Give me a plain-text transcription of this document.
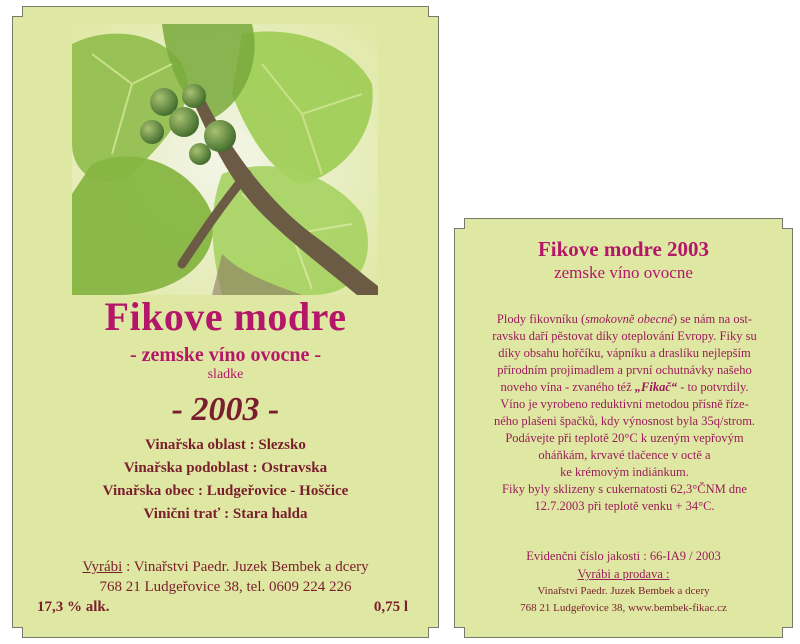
Fikove modre
- zemske víno ovocne -
sladke
- 2003 -
Vinařska oblast : Slezsko
Vinařska podoblast : Ostravska
Vinařska obec : Ludgeřovice - Hoščice
Vinični trať : Stara halda
Vyrábi : Vinařstvi Paedr. Juzek Bembek a dcery
768 21 Ludgeřovice 38, tel. 0609 224 226
17,3 % alk.	0,75 l
Fikove modre 2003
zemske víno ovocne
Plody fikovníku (smokovně obecné) se nám na ost-
ravsku daří pěstovat díky oteplování Evropy. Fiky su
díky obsahu hořčíku, vápníku a draslíku nejlepším
přírodním projimadlem a první ochutnávky našeho
noveho vína - zvaného též „Fikač“ - to potvrdily.
Víno je vyrobeno reduktivni metodou přísně říze-
ného plašeni špačků, kdy výnosnost byla 35q/strom.
Podávejte při teplotě 20°C k uzeným vepřovým
oháňkám, krvavé tlačence v octě a
ke krémovým indiánkum.
Fiky byly sklizeny s cukernatosti 62,3°ČNM dne
12.7.2003 při teplotě venku + 34°C.
Evidenčni číslo jakosti : 66-IA9 / 2003
Vyrábi a prodava :
Vinařstvi Paedr. Juzek Bembek a dcery
768 21 Ludgeřovice 38, www.bembek-fikac.cz
